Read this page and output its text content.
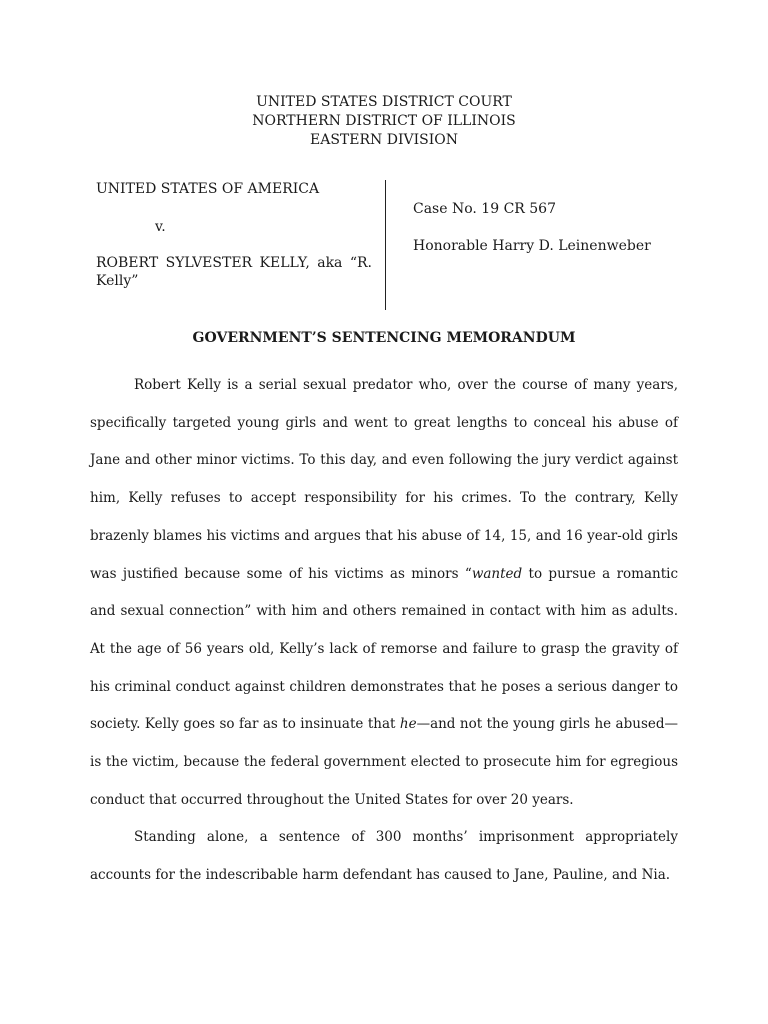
UNITED STATES DISTRICT COURT
NORTHERN DISTRICT OF ILLINOIS
EASTERN DIVISION
UNITED STATES OF AMERICA
v.
ROBERT SYLVESTER KELLY, aka “R. Kelly”
Case No. 19 CR 567
Honorable Harry D. Leinenweber
GOVERNMENT’S SENTENCING MEMORANDUM

Robert Kelly is a serial sexual predator who, over the course of many years, specifically targeted young girls and went to great lengths to conceal his abuse of Jane and other minor victims. To this day, and even following the jury verdict against him, Kelly refuses to accept responsibility for his crimes. To the contrary, Kelly brazenly blames his victims and argues that his abuse of 14, 15, and 16 year-old girls was justified because some of his victims as minors “wanted to pursue a romantic and sexual connection” with him and others remained in contact with him as adults. At the age of 56 years old, Kelly’s lack of remorse and failure to grasp the gravity of his criminal conduct against children demonstrates that he poses a serious danger to society. Kelly goes so far as to insinuate that he—and not the young girls he abused—is the victim, because the federal government elected to prosecute him for egregious conduct that occurred throughout the United States for over 20 years.

Standing alone, a sentence of 300 months’ imprisonment appropriately accounts for the indescribable harm defendant has caused to Jane, Pauline, and Nia.
